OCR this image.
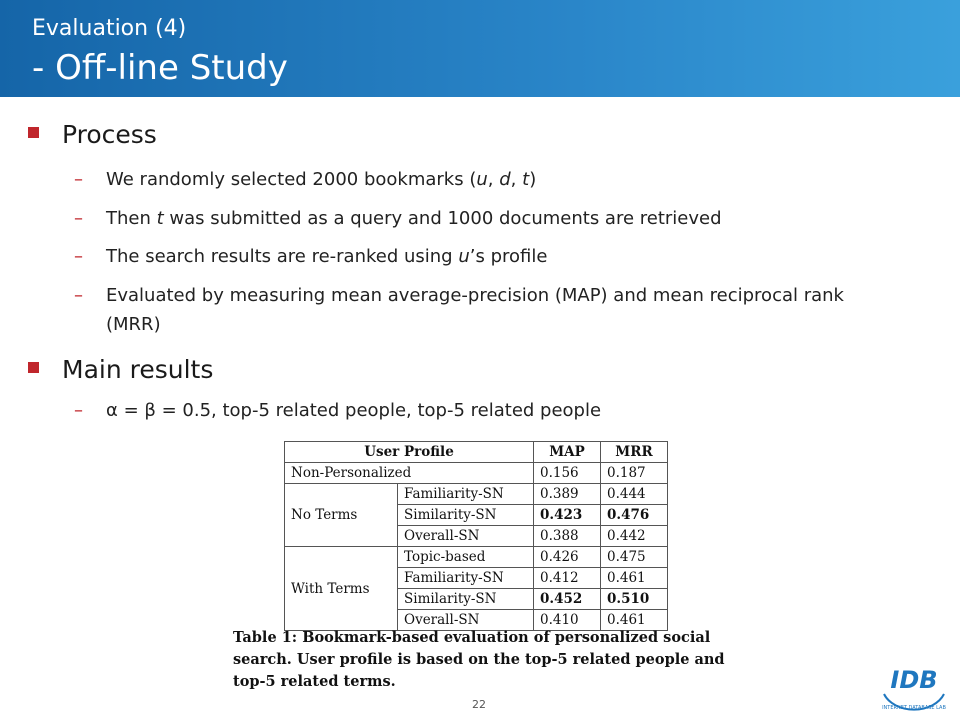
Evaluation (4)
- Off-line Study
Process
–	We randomly selected 2000 bookmarks (u, d, t)
–	Then t was submitted as a query and 1000 documents are retrieved
–	The search results are re-ranked using u’s profile
–	Evaluated by measuring mean average-precision (MAP) and mean reciprocal rank (MRR)
Main results
–	α = β = 0.5, top-5 related people, top-5 related people
User Profile		MAP	MRR
Non-Personalized		0.156	0.187
No Terms	Familiarity-SN	0.389	0.444
	Similarity-SN	0.423	0.476
	Overall-SN	0.388	0.442
With Terms	Topic-based	0.426	0.475
	Familiarity-SN	0.412	0.461
	Similarity-SN	0.452	0.510
	Overall-SN	0.410	0.461
Table 1: Bookmark-based evaluation of personalized social search. User profile is based on the top-5 related people and top-5 related terms.
22
IDB
INTERNET DATABASE LAB
